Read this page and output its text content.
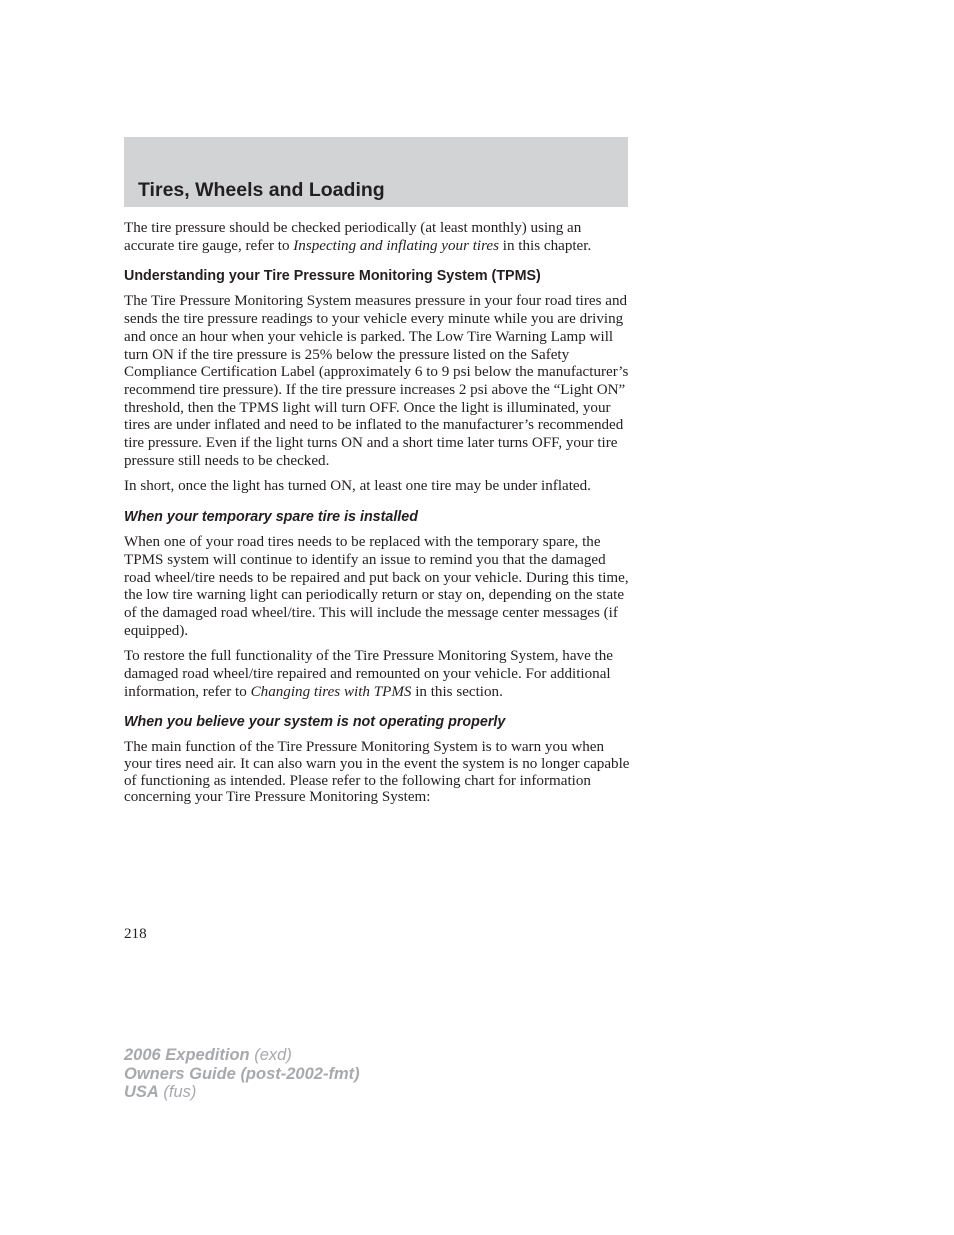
Tires, Wheels and Loading

The tire pressure should be checked periodically (at least monthly) using an accurate tire gauge, refer to Inspecting and inflating your tires in this chapter.

Understanding your Tire Pressure Monitoring System (TPMS)

The Tire Pressure Monitoring System measures pressure in your four road tires and sends the tire pressure readings to your vehicle every minute while you are driving and once an hour when your vehicle is parked. The Low Tire Warning Lamp will turn ON if the tire pressure is 25% below the pressure listed on the Safety Compliance Certification Label (approximately 6 to 9 psi below the manufacturer’s recommend tire pressure). If the tire pressure increases 2 psi above the “Light ON” threshold, then the TPMS light will turn OFF. Once the light is illuminated, your tires are under inflated and need to be inflated to the manufacturer’s recommended tire pressure. Even if the light turns ON and a short time later turns OFF, your tire pressure still needs to be checked.

In short, once the light has turned ON, at least one tire may be under inflated.

When your temporary spare tire is installed

When one of your road tires needs to be replaced with the temporary spare, the TPMS system will continue to identify an issue to remind you that the damaged road wheel/tire needs to be repaired and put back on your vehicle. During this time, the low tire warning light can periodically return or stay on, depending on the state of the damaged road wheel/tire. This will include the message center messages (if equipped).

To restore the full functionality of the Tire Pressure Monitoring System, have the damaged road wheel/tire repaired and remounted on your vehicle. For additional information, refer to Changing tires with TPMS in this section.

When you believe your system is not operating properly

The main function of the Tire Pressure Monitoring System is to warn you when your tires need air. It can also warn you in the event the system is no longer capable of functioning as intended. Please refer to the following chart for information concerning your Tire Pressure Monitoring System:

218
2006 Expedition (exd)
Owners Guide (post-2002-fmt)
USA (fus)
